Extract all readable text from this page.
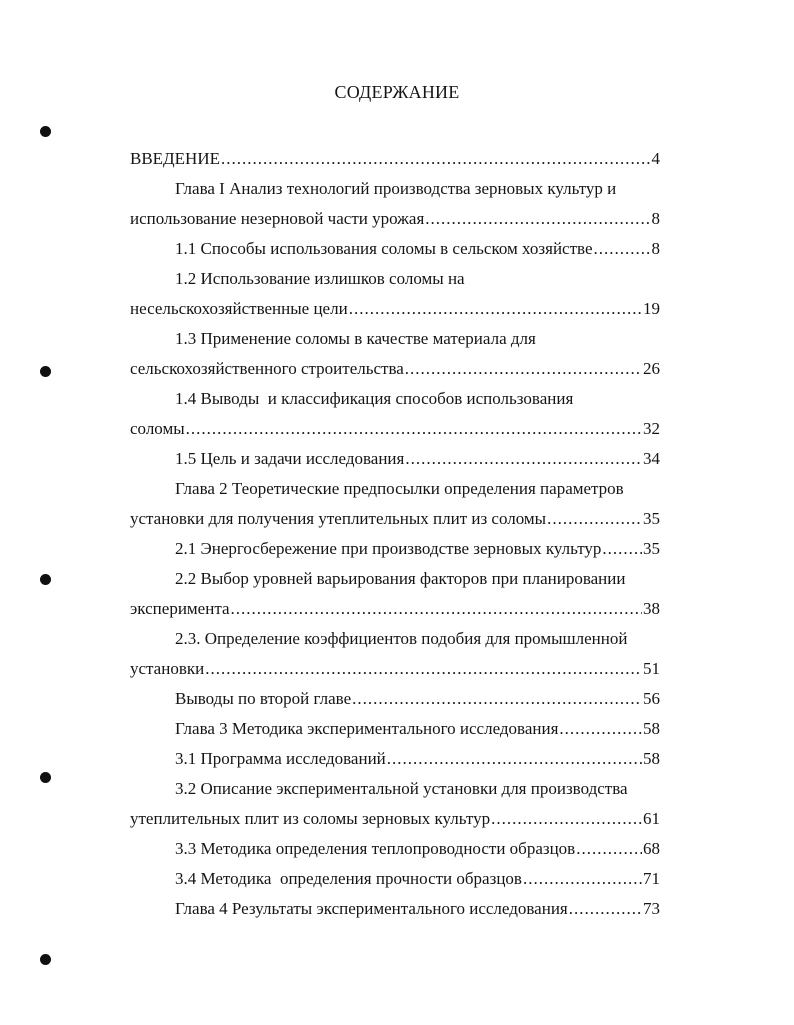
СОДЕРЖАНИЕ
ВВЕДЕНИЕ .....	4
Глава I Анализ технологий производства зерновых культур и
использование незерновой части урожая .....	8
1.1 Способы использования соломы в сельском хозяйстве .....	8
1.2 Использование излишков соломы на
несельскохозяйственные цели .....	19
1.3 Применение соломы в качестве материала для
сельскохозяйственного строительства .....	26
1.4 Выводы  и классификация способов использования
соломы .....	32
1.5 Цель и задачи исследования .....	34
Глава 2 Теоретические предпосылки определения параметров
установки для получения утеплительных плит из соломы .....	35
2.1 Энергосбережение при производстве зерновых культур ..... 35
2.2 Выбор уровней варьирования факторов при планировании
эксперимента .....	38
2.3. Определение коэффициентов подобия для промышленной
установки .....	51
Выводы по второй главе .....	56
Глава 3 Методика экспериментального исследования .....	58
3.1 Программа исследований .....	58
3.2 Описание экспериментальной установки для производства
утеплительных плит из соломы зерновых культур .....	61
3.3 Методика определения теплопроводности образцов .....	68
3.4 Методика  определения прочности образцов .....	71
Глава 4 Результаты экспериментального исследования .....	73
